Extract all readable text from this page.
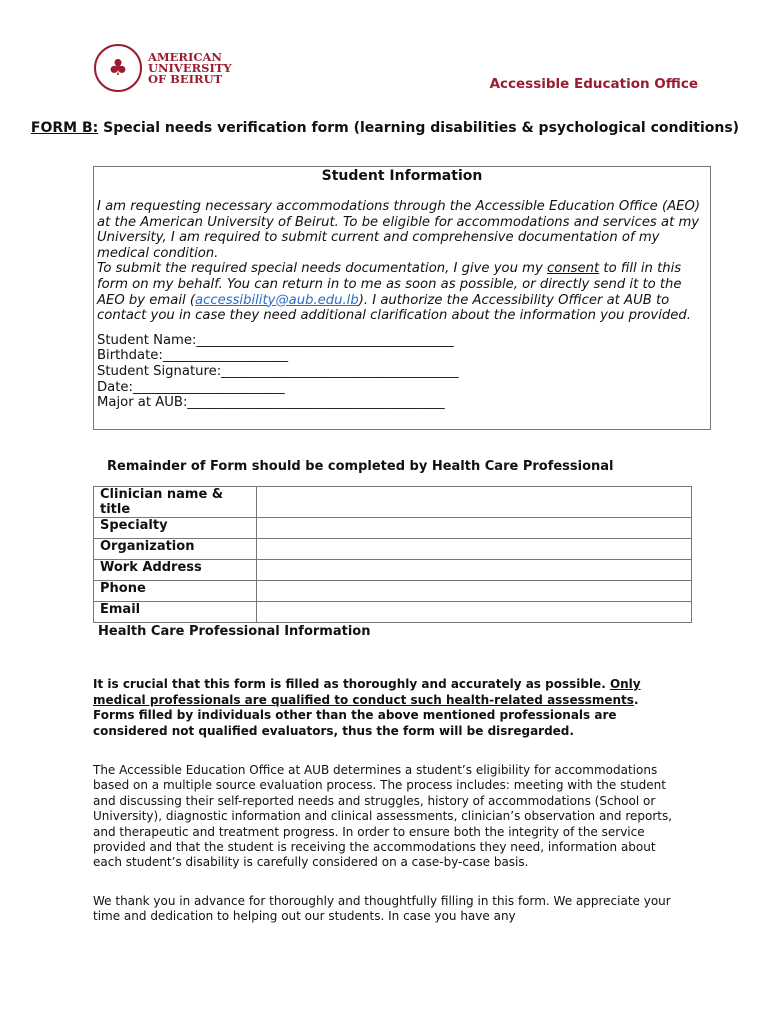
♣	AMERICAN
UNIVERSITY
OF BEIRUT	Accessible Education Office
FORM B: Special needs verification form (learning disabilities & psychological conditions)
Student Information
I am requesting necessary accommodations through the Accessible Education Office (AEO) at the American University of Beirut. To be eligible for accommodations and services at my University, I am required to submit current and comprehensive documentation of my medical condition.
To submit the required special needs documentation, I give you my consent to fill in this form on my behalf. You can return in to me as soon as possible, or directly send it to the AEO by email (accessibility@aub.edu.lb). I authorize the Accessibility Officer at AUB to contact you in case they need additional clarification about the information you provided.
Student Name:_______________________________________
Birthdate:___________________
Student Signature:____________________________________
Date:_______________________
Major at AUB:_______________________________________
Remainder of Form should be completed by Health Care Professional
Clinician name & title	
Specialty	
Organization	
Work Address	
Phone	
Email	
Health Care Professional Information
It is crucial that this form is filled as thoroughly and accurately as possible. Only medical professionals are qualified to conduct such health-related assessments. Forms filled by individuals other than the above mentioned professionals are considered not qualified evaluators, thus the form will be disregarded.
The Accessible Education Office at AUB determines a student’s eligibility for accommodations based on a multiple source evaluation process. The process includes: meeting with the student and discussing their self-reported needs and struggles, history of accommodations (School or University), diagnostic information and clinical assessments, clinician’s observation and reports, and therapeutic and treatment progress. In order to ensure both the integrity of the service provided and that the student is receiving the accommodations they need, information about each student’s disability is carefully considered on a case-by-case basis.
We thank you in advance for thoroughly and thoughtfully filling in this form. We appreciate your time and dedication to helping out our students. In case you have any
